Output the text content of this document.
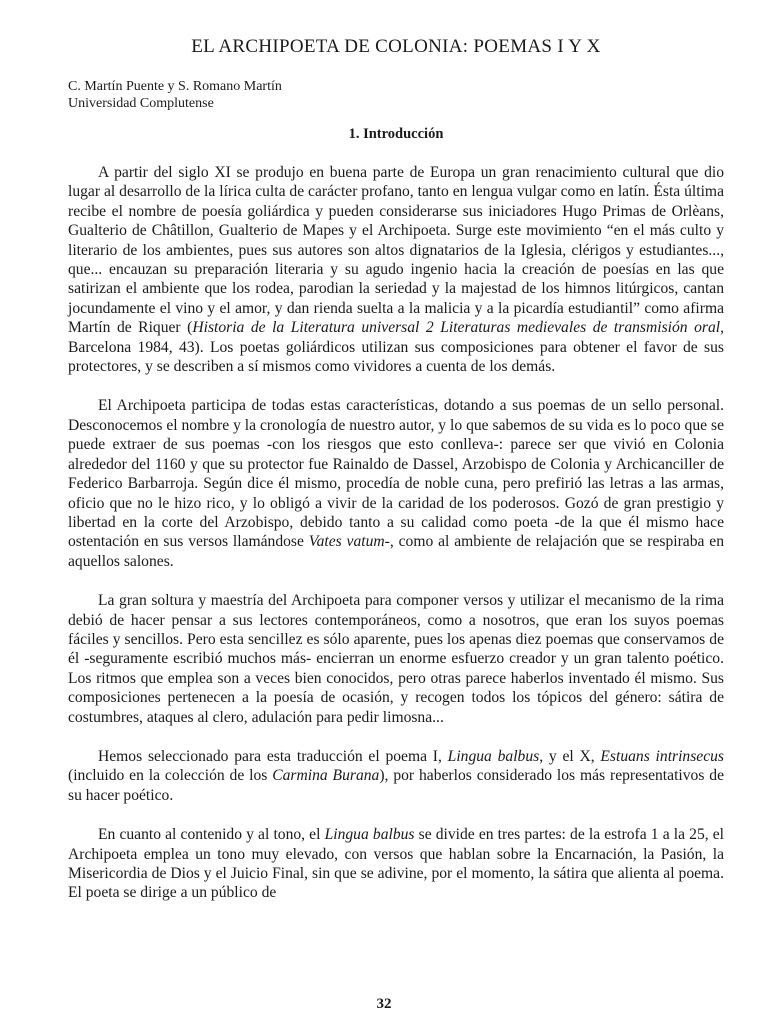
EL ARCHIPOETA DE COLONIA: POEMAS I Y X

C. Martín Puente y S. Romano Martín

Universidad Complutense

1. Introducción

A partir del siglo XI se produjo en buena parte de Europa un gran renacimiento cultural que dio lugar al desarrollo de la lírica culta de carácter profano, tanto en lengua vulgar como en latín. Ésta última recibe el nombre de poesía goliárdica y pueden considerarse sus iniciadores Hugo Primas de Orlèans, Gualterio de Châtillon, Gualterio de Mapes y el Archipoeta. Surge este movimiento “en el más culto y literario de los ambientes, pues sus autores son altos dignatarios de la Iglesia, clérigos y estudiantes..., que... encauzan su preparación literaria y su agudo ingenio hacia la creación de poesías en las que satirizan el ambiente que los rodea, parodian la seriedad y la majestad de los himnos litúrgicos, cantan jocundamente el vino y el amor, y dan rienda suelta a la malicia y a la picardía estudiantil” como afirma Martín de Riquer (Historia de la Literatura universal 2 Literaturas medievales de transmisión oral, Barcelona 1984, 43). Los poetas goliárdicos utilizan sus composiciones para obtener el favor de sus protectores, y se describen a sí mismos como vividores a cuenta de los demás.

El Archipoeta participa de todas estas características, dotando a sus poemas de un sello personal. Desconocemos el nombre y la cronología de nuestro autor, y lo que sabemos de su vida es lo poco que se puede extraer de sus poemas -con los riesgos que esto conlleva-: parece ser que vivió en Colonia alrededor del 1160 y que su protector fue Rainaldo de Dassel, Arzobispo de Colonia y Archicanciller de Federico Barbarroja. Según dice él mismo, procedía de noble cuna, pero prefirió las letras a las armas, oficio que no le hizo rico, y lo obligó a vivir de la caridad de los poderosos. Gozó de gran prestigio y libertad en la corte del Arzobispo, debido tanto a su calidad como poeta -de la que él mismo hace ostentación en sus versos llamándose Vates vatum-, como al ambiente de relajación que se respiraba en aquellos salones.

La gran soltura y maestría del Archipoeta para componer versos y utilizar el mecanismo de la rima debió de hacer pensar a sus lectores contemporáneos, como a nosotros, que eran los suyos poemas fáciles y sencillos. Pero esta sencillez es sólo aparente, pues los apenas diez poemas que conservamos de él -seguramente escribió muchos más- encierran un enorme esfuerzo creador y un gran talento poético. Los ritmos que emplea son a veces bien conocidos, pero otras parece haberlos inventado él mismo. Sus composiciones pertenecen a la poesía de ocasión, y recogen todos los tópicos del género: sátira de costumbres, ataques al clero, adulación para pedir limosna...

Hemos seleccionado para esta traducción el poema I, Lingua balbus, y el X, Estuans intrinsecus (incluido en la colección de los Carmina Burana), por haberlos considerado los más representativos de su hacer poético.

En cuanto al contenido y al tono, el Lingua balbus se divide en tres partes: de la estrofa 1 a la 25, el Archipoeta emplea un tono muy elevado, con versos que hablan sobre la Encarnación, la Pasión, la Misericordia de Dios y el Juicio Final, sin que se adivine, por el momento, la sátira que alienta al poema. El poeta se dirige a un público de

32
